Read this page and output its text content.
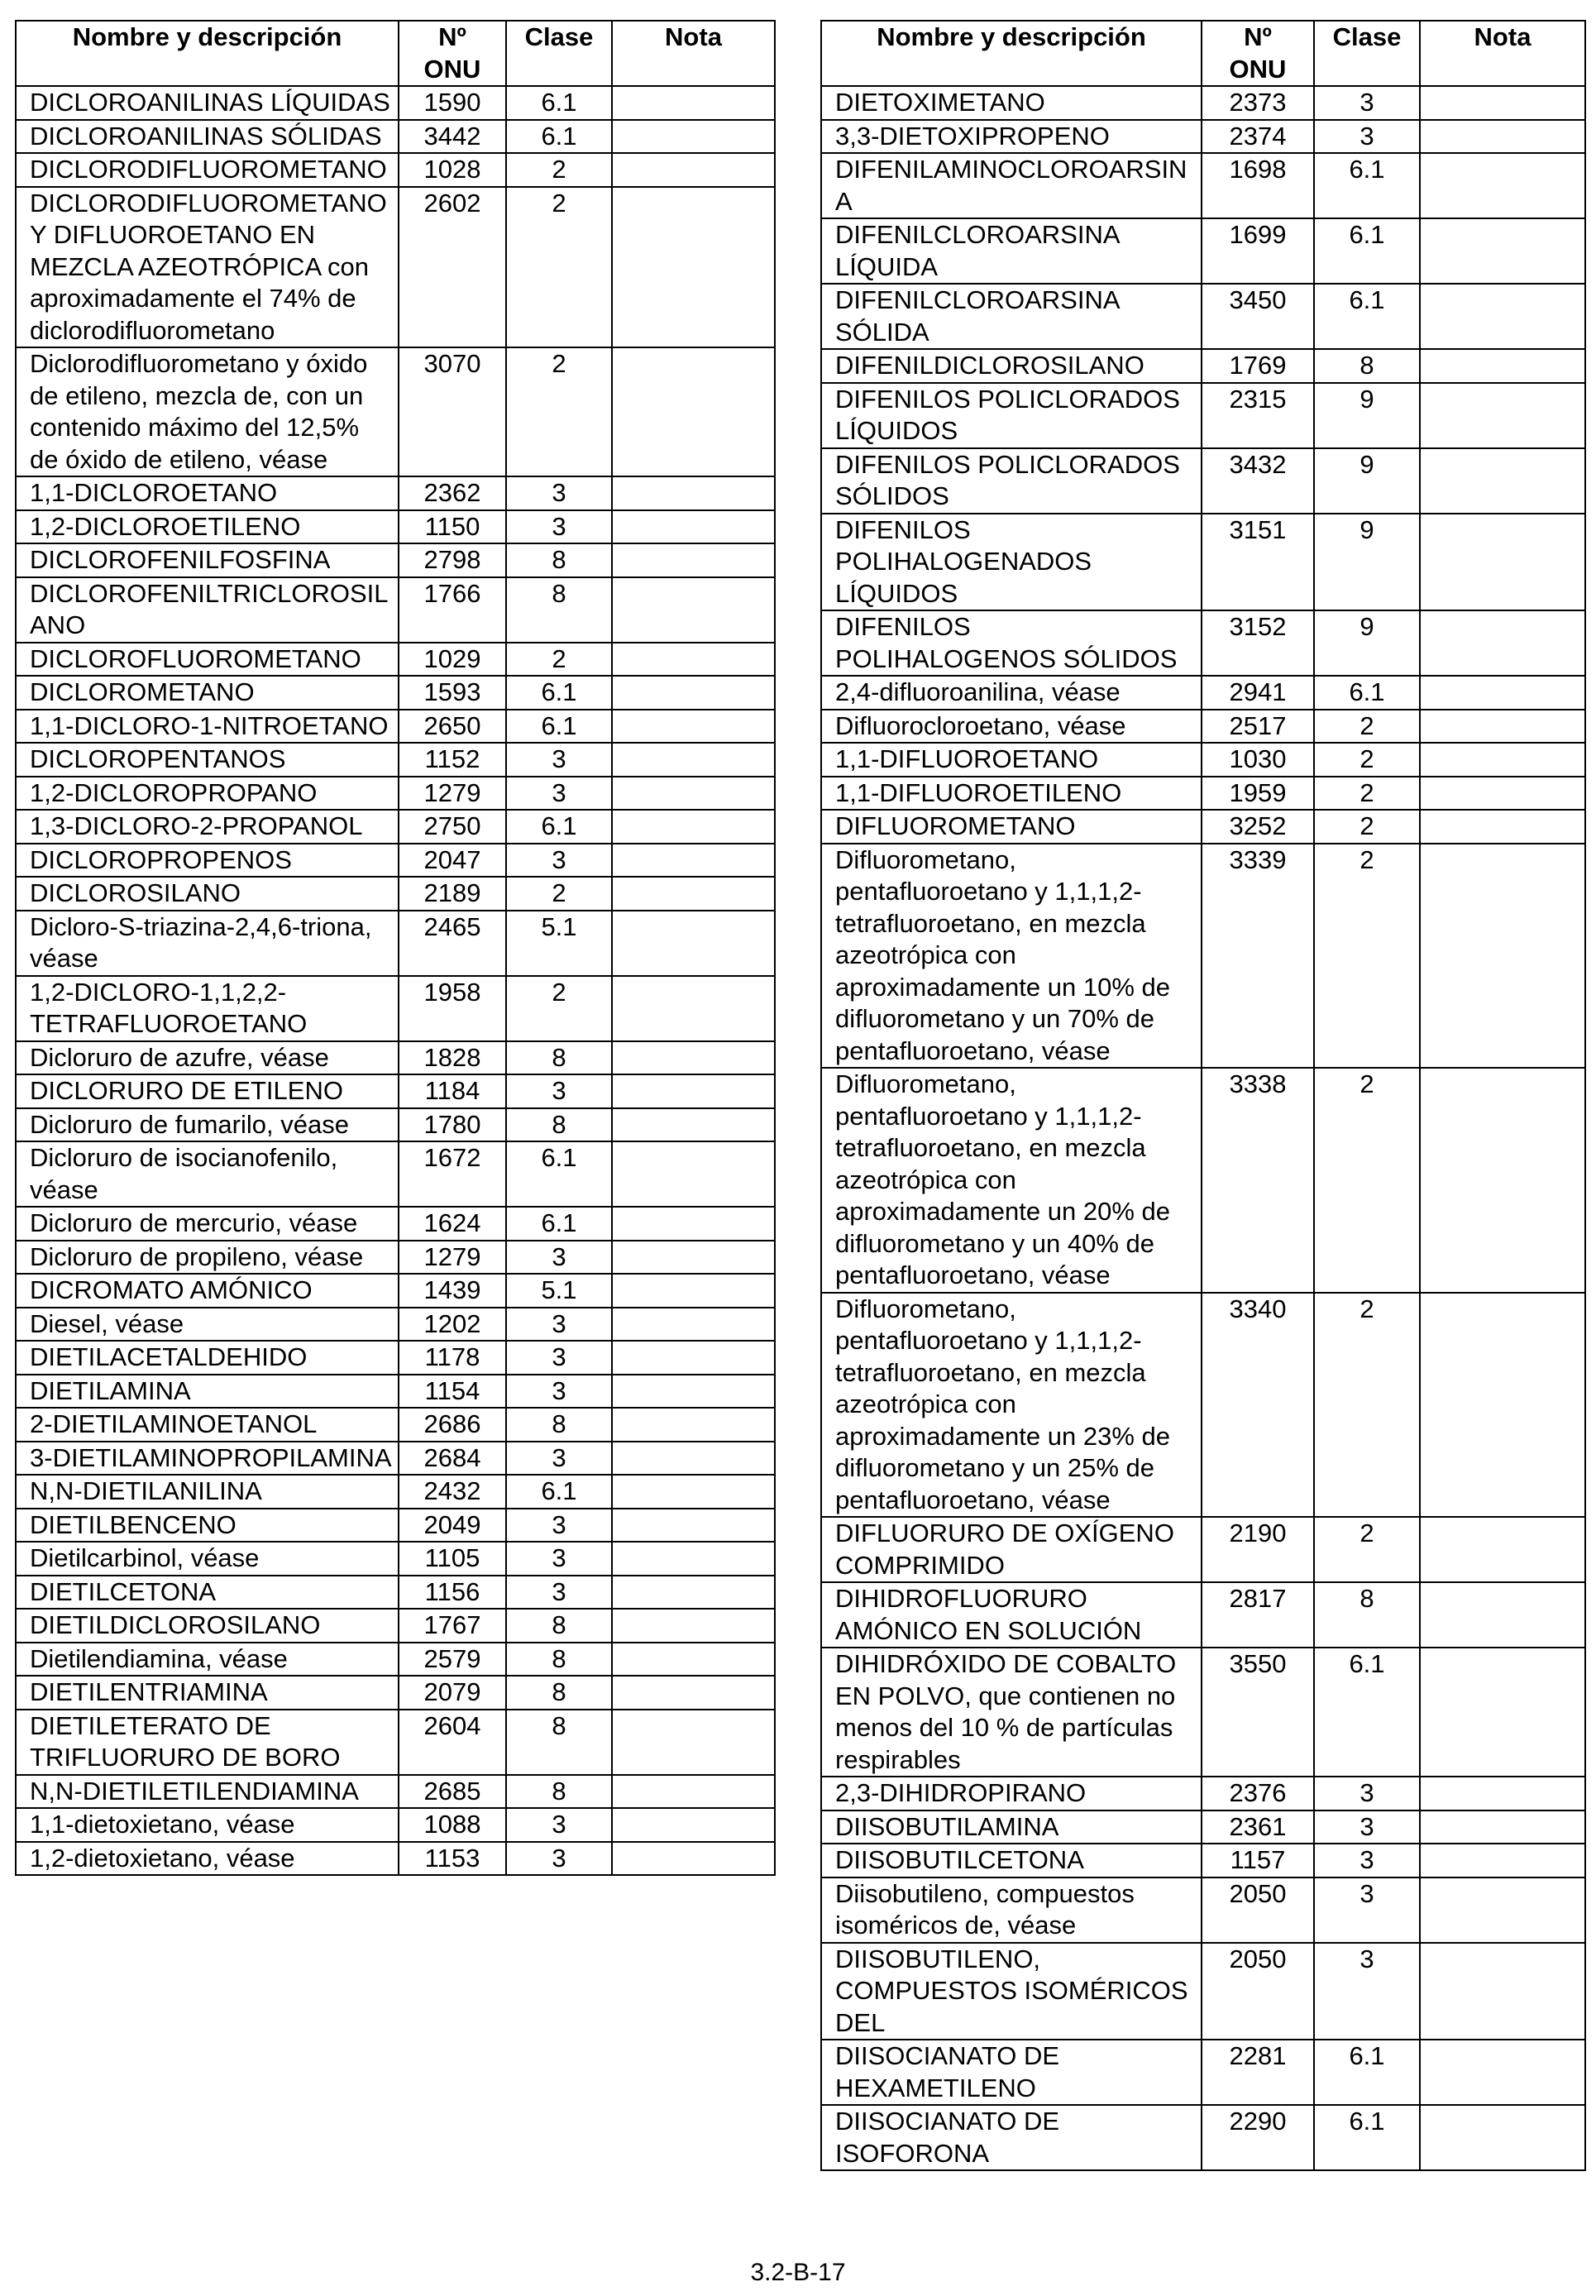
Nombre y descripción	Nº
ONU	Clase	Nota
DICLOROANILINAS LÍQUIDAS	1590	6.1	
DICLOROANILINAS SÓLIDAS	3442	6.1	
DICLORODIFLUOROMETANO	1028	2	
DICLORODIFLUOROMETANO Y DIFLUOROETANO EN MEZCLA AZEOTRÓPICA con aproximadamente el 74% de diclorodifluorometano	2602	2	
Diclorodifluorometano y óxido de etileno, mezcla de, con un contenido máximo del 12,5% de óxido de etileno, véase	3070	2	
1,1-DICLOROETANO	2362	3	
1,2-DICLOROETILENO	1150	3	
DICLOROFENILFOSFINA	2798	8	
DICLOROFENILTRICLOROSILANO	1766	8	
DICLOROFLUOROMETANO	1029	2	
DICLOROMETANO	1593	6.1	
1,1-DICLORO-1-NITROETANO	2650	6.1	
DICLOROPENTANOS	1152	3	
1,2-DICLOROPROPANO	1279	3	
1,3-DICLORO-2-PROPANOL	2750	6.1	
DICLOROPROPENOS	2047	3	
DICLOROSILANO	2189	2	
Dicloro-S-triazina-2,4,6-triona, véase	2465	5.1	
1,2-DICLORO-1,1,2,2-TETRAFLUOROETANO	1958	2	
Dicloruro de azufre, véase	1828	8	
DICLORURO DE ETILENO	1184	3	
Dicloruro de fumarilo, véase	1780	8	
Dicloruro de isocianofenilo, véase	1672	6.1	
Dicloruro de mercurio, véase	1624	6.1	
Dicloruro de propileno, véase	1279	3	
DICROMATO AMÓNICO	1439	5.1	
Diesel, véase	1202	3	
DIETILACETALDEHIDO	1178	3	
DIETILAMINA	1154	3	
2-DIETILAMINOETANOL	2686	8	
3-DIETILAMINOPROPILAMINA	2684	3	
N,N-DIETILANILINA	2432	6.1	
DIETILBENCENO	2049	3	
Dietilcarbinol, véase	1105	3	
DIETILCETONA	1156	3	
DIETILDICLOROSILANO	1767	8	
Dietilendiamina, véase	2579	8	
DIETILENTRIAMINA	2079	8	
DIETILETERATO DE TRIFLUORURO DE BORO	2604	8	
N,N-DIETILETILENDIAMINA	2685	8	
1,1-dietoxietano, véase	1088	3	
1,2-dietoxietano, véase	1153	3	
Nombre y descripción	Nº
ONU	Clase	Nota
DIETOXIMETANO	2373	3	
3,3-DIETOXIPROPENO	2374	3	
DIFENILAMINOCLOROARSINA	1698	6.1	
DIFENILCLOROARSINA LÍQUIDA	1699	6.1	
DIFENILCLOROARSINA SÓLIDA	3450	6.1	
DIFENILDICLOROSILANO	1769	8	
DIFENILOS POLICLORADOS LÍQUIDOS	2315	9	
DIFENILOS POLICLORADOS SÓLIDOS	3432	9	
DIFENILOS POLIHALOGENADOS LÍQUIDOS	3151	9	
DIFENILOS POLIHALOGENOS SÓLIDOS	3152	9	
2,4-difluoroanilina, véase	2941	6.1	
Difluorocloroetano, véase	2517	2	
1,1-DIFLUOROETANO	1030	2	
1,1-DIFLUOROETILENO	1959	2	
DIFLUOROMETANO	3252	2	
Difluorometano, pentafluoroetano y 1,1,1,2-tetrafluoroetano, en mezcla azeotrópica con aproximadamente un 10% de difluorometano y un 70% de pentafluoroetano, véase	3339	2	
Difluorometano, pentafluoroetano y 1,1,1,2-tetrafluoroetano, en mezcla azeotrópica con aproximadamente un 20% de difluorometano y un 40% de pentafluoroetano, véase	3338	2	
Difluorometano, pentafluoroetano y 1,1,1,2-tetrafluoroetano, en mezcla azeotrópica con aproximadamente un 23% de difluorometano y un 25% de pentafluoroetano, véase	3340	2	
DIFLUORURO DE OXÍGENO COMPRIMIDO	2190	2	
DIHIDROFLUORURO AMÓNICO EN SOLUCIÓN	2817	8	
DIHIDRÓXIDO DE COBALTO EN POLVO, que contienen no menos del 10 % de partículas respirables	3550	6.1	
2,3-DIHIDROPIRANO	2376	3	
DIISOBUTILAMINA	2361	3	
DIISOBUTILCETONA	1157	3	
Diisobutileno, compuestos isoméricos de, véase	2050	3	
DIISOBUTILENO, COMPUESTOS ISOMÉRICOS DEL	2050	3	
DIISOCIANATO DE HEXAMETILENO	2281	6.1	
DIISOCIANATO DE ISOFORONA	2290	6.1	
3.2-B-17
